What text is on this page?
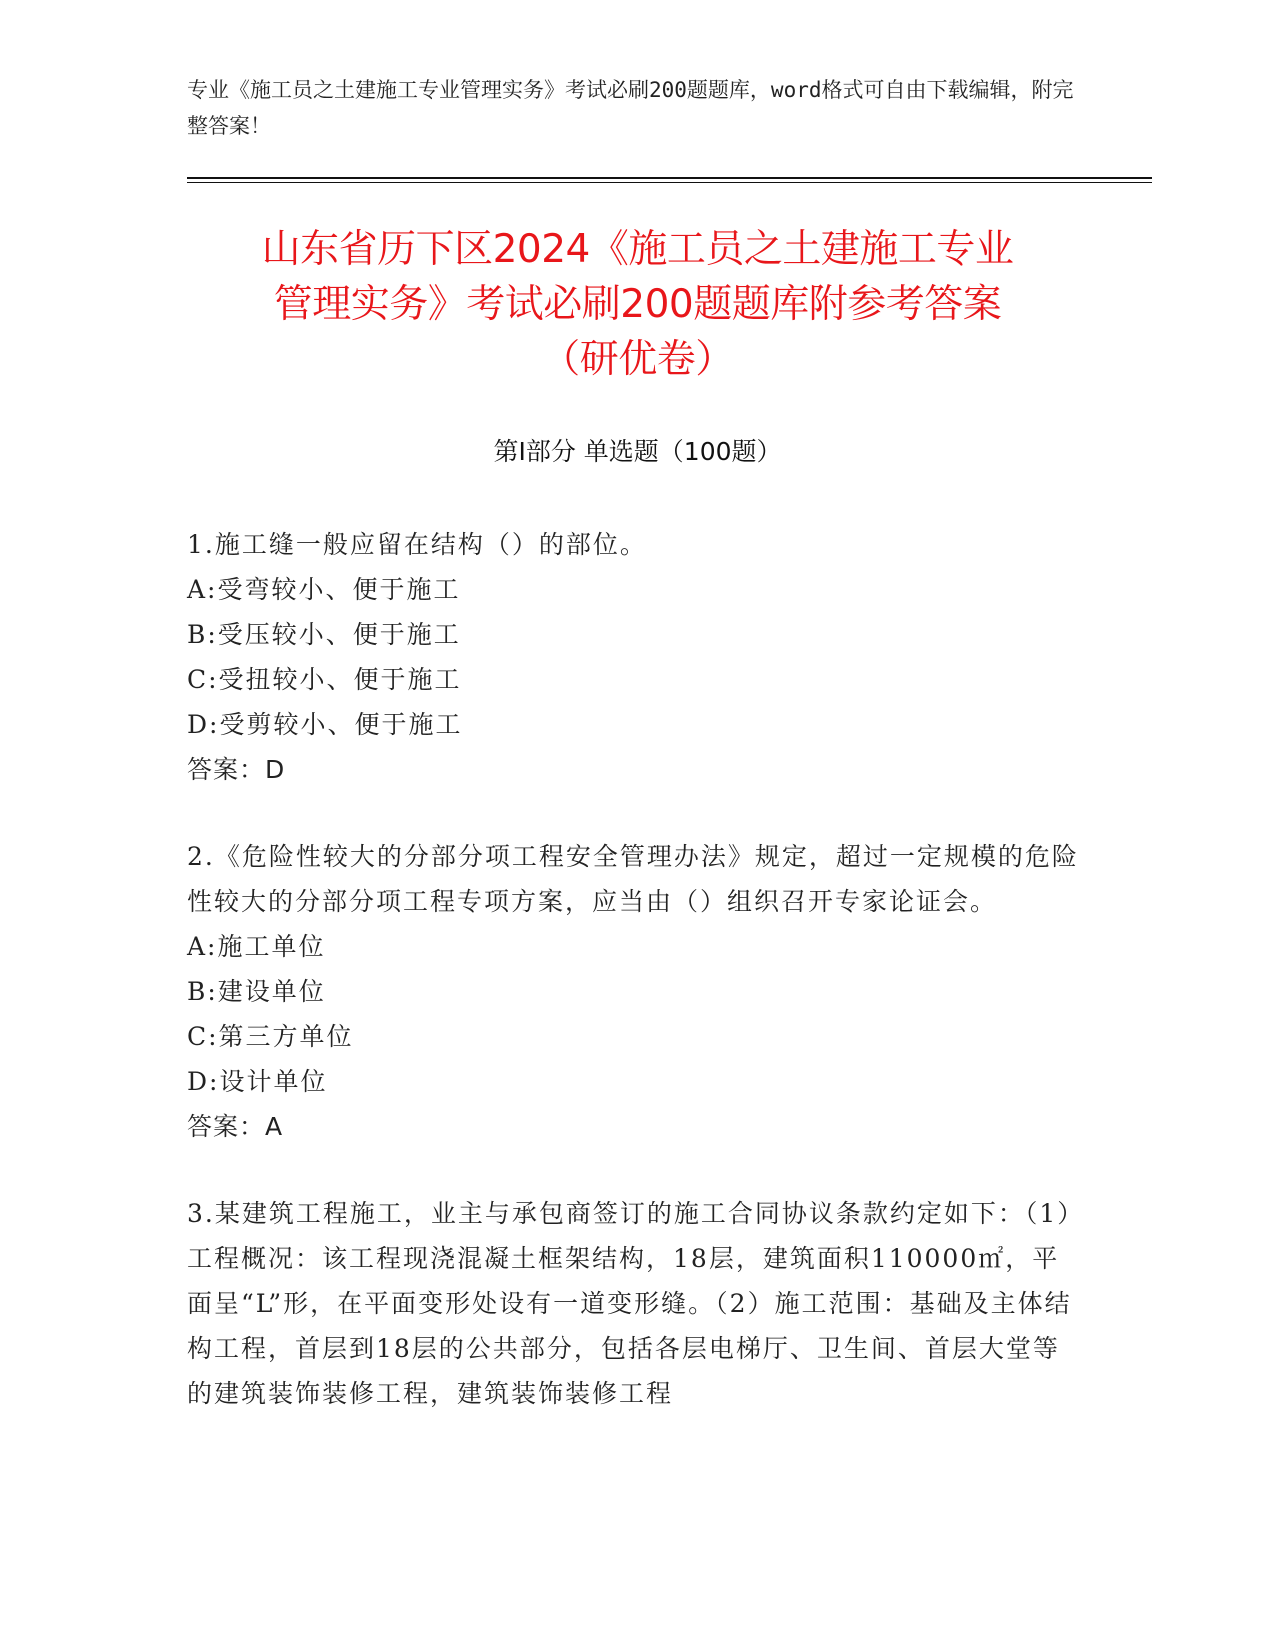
专业《施工员之土建施工专业管理实务》考试必刷200题题库，word格式可自由下载编辑，附完整答案！
山东省历下区2024《施工员之土建施工专业
管理实务》考试必刷200题题库附参考答案
（研优卷）
第Ⅰ部分 单选题（100题）
1.施工缝一般应留在结构（）的部位。
A:受弯较小、便于施工
B:受压较小、便于施工
C:受扭较小、便于施工
D:受剪较小、便于施工
答案：D
2.《危险性较大的分部分项工程安全管理办法》规定，超过一定规模的危险性较大的分部分项工程专项方案，应当由（）组织召开专家论证会。
A:施工单位
B:建设单位
C:第三方单位
D:设计单位
答案：A
3.某建筑工程施工，业主与承包商签订的施工合同协议条款约定如下：（1）工程概况：该工程现浇混凝土框架结构，18层，建筑面积110000㎡，平面呈“L”形，在平面变形处设有一道变形缝。（2）施工范围：基础及主体结构工程，首层到18层的公共部分，包括各层电梯厅、卫生间、首层大堂等的建筑装饰装修工程，建筑装饰装修工程
